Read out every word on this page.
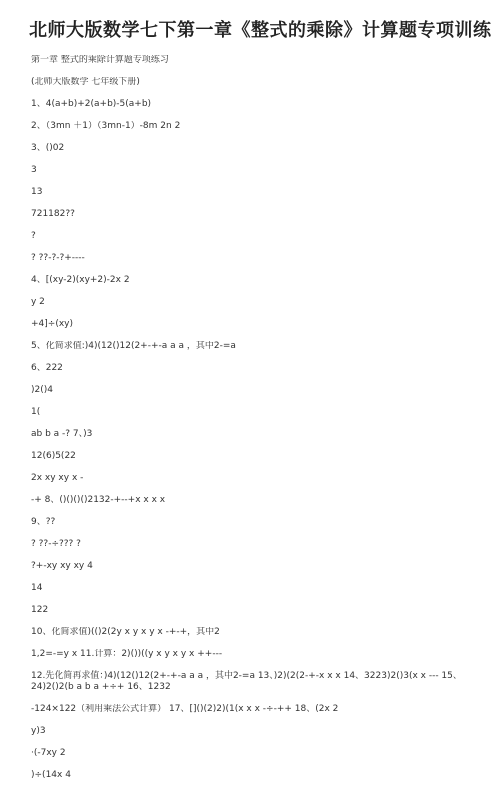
北师大版数学七下第一章《整式的乘除》计算题专项训练
第一章 整式的乘除计算题专项练习
(北师大版数学 七年级下册)
1、4(a+b)+2(a+b)-5(a+b)
2、（3mn ＋1）（3mn-1）-8m 2n 2
3、()02
3
13
721182??
?
? ??-?-?+----
4、[(xy-2)(xy+2)-2x 2
y 2
+4]÷(xy)
5、化简求值:)4)(12()12(2+-+-a a a ，其中2-=a
6、222
)2()4
1(
ab b a -? 7、)3
12(6)5(22
2x xy xy x -
-+ 8、()()()()2132-+--+x x x x
9、??
? ??-÷??? ?
?+-xy xy xy 4
14
122
10、化简求值)(()2(2y x y x y x -+-+，其中2
1,2=-=y x 11.计算：2)())((y x y x y x ++---
12.先化简再求值：)4)(12()12(2+-+-a a a ，其中2-=a 13、)2)(2(2-+-x x x 14、3223)2()3(x x --- 15、24)2()2(b a b a +÷+ 16、1232
-124×122（利用乘法公式计算） 17、[]()(2)2)(1(x x x -÷-++ 18、(2x 2
y)3
·(-7xy 2
)÷(14x 4
